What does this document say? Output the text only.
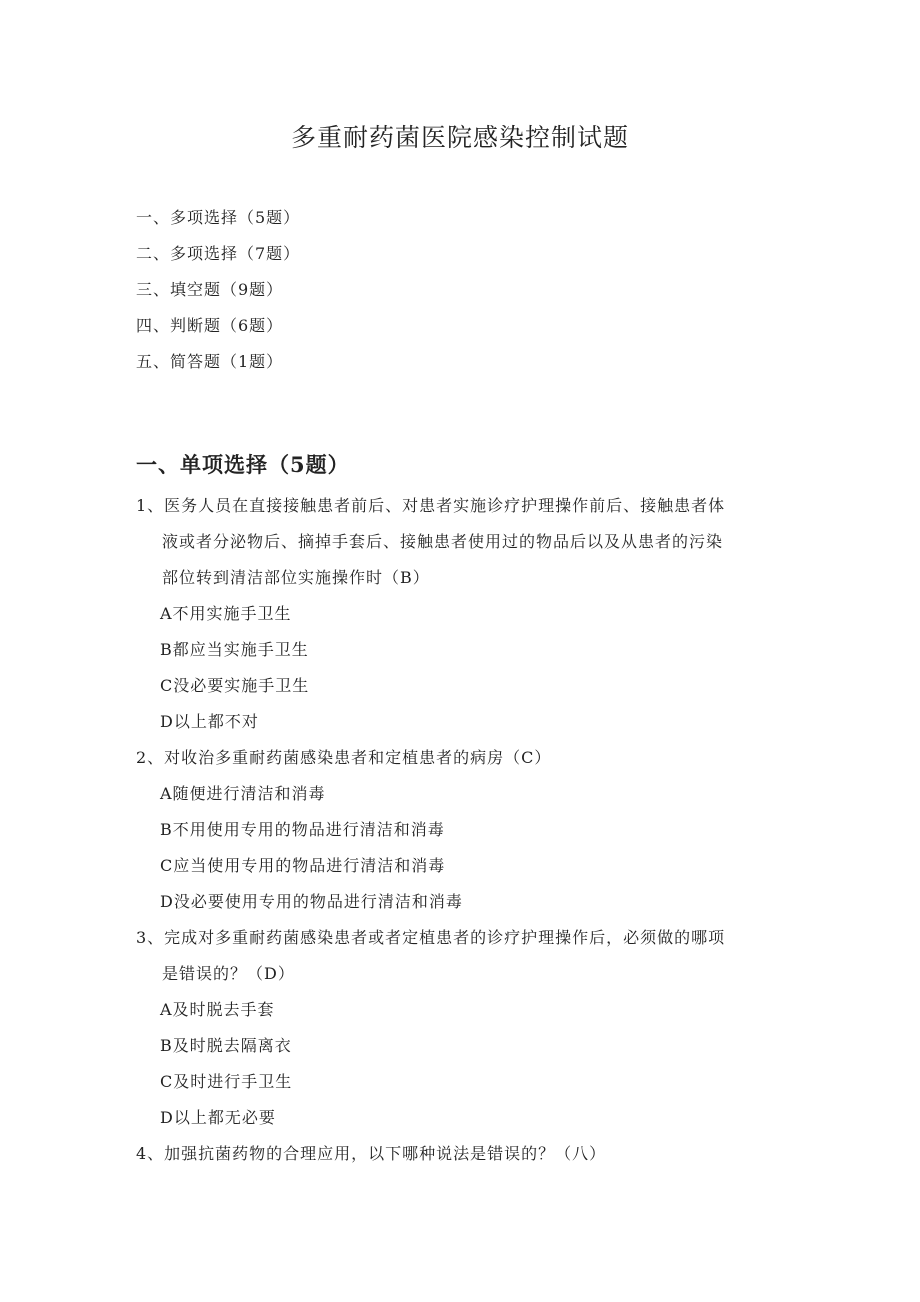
多重耐药菌医院感染控制试题
一、多项选择（5题）
二、多项选择（7题）
三、填空题（9题）
四、判断题（6题）
五、简答题（1题）
一、单项选择（5题）
1、医务人员在直接接触患者前后、对患者实施诊疗护理操作前后、接触患者体
液或者分泌物后、摘掉手套后、接触患者使用过的物品后以及从患者的污染
部位转到清洁部位实施操作时（B）
A不用实施手卫生
B都应当实施手卫生
C没必要实施手卫生
D以上都不对
2、对收治多重耐药菌感染患者和定植患者的病房（C）
A随便进行清洁和消毒
B不用使用专用的物品进行清洁和消毒
C应当使用专用的物品进行清洁和消毒
D没必要使用专用的物品进行清洁和消毒
3、完成对多重耐药菌感染患者或者定植患者的诊疗护理操作后，必须做的哪项
是错误的？（D）
A及时脱去手套
B及时脱去隔离衣
C及时进行手卫生
D以上都无必要
4、加强抗菌药物的合理应用，以下哪种说法是错误的？（八）
